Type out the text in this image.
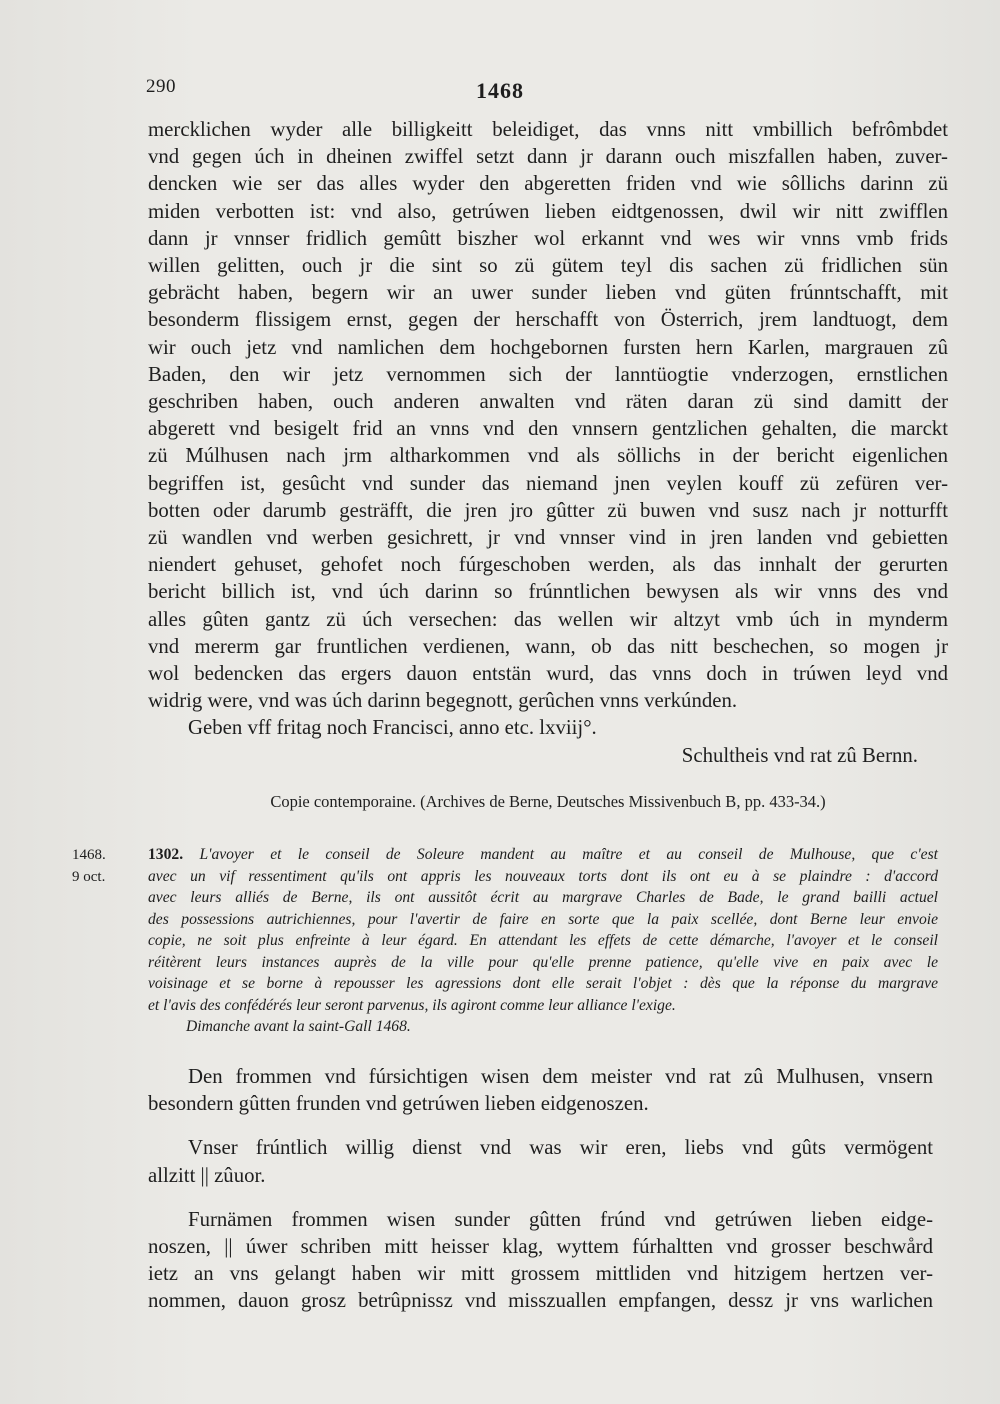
290	1468
mercklichen wyder alle billigkeitt beleidiget, das vnns nitt vmbillich befrômbdet
vnd gegen úch in dheinen zwiffel setzt dann jr darann ouch miszfallen haben, zuver-
dencken wie ser das alles wyder den abgeretten friden vnd wie sôllichs darinn zü
miden verbotten ist: vnd also, getrúwen lieben eidtgenossen, dwil wir nitt zwifflen
dann jr vnnser fridlich gemûtt biszher wol erkannt vnd wes wir vnns vmb frids
willen gelitten, ouch jr die sint so zü gütem teyl dis sachen zü fridlichen sün
gebrächt haben, begern wir an uwer sunder lieben vnd güten frúnntschafft, mit
besonderm flissigem ernst, gegen der herschafft von Österrich, jrem landtuogt, dem
wir ouch jetz vnd namlichen dem hochgebornen fursten hern Karlen, margrauen zû
Baden, den wir jetz vernommen sich der lanntüogtie vnderzogen, ernstlichen
geschriben haben, ouch anderen anwalten vnd räten daran zü sind damitt der
abgerett vnd besigelt frid an vnns vnd den vnnsern gentzlichen gehalten, die marckt
zü Múlhusen nach jrm altharkommen vnd als söllichs in der bericht eigenlichen
begriffen ist, gesûcht vnd sunder das niemand jnen veylen kouff zü zefüren ver-
botten oder darumb gesträfft, die jren jro gûtter zü buwen vnd susz nach jr notturfft
zü wandlen vnd werben gesichrett, jr vnd vnnser vind in jren landen vnd gebietten
niendert gehuset, gehofet noch fúrgeschoben werden, als das innhalt der gerurten
bericht billich ist, vnd úch darinn so frúnntlichen bewysen als wir vnns des vnd
alles gûten gantz zü úch versechen: das wellen wir altzyt vmb úch in mynderm
vnd mererm gar fruntlichen verdienen, wann, ob das nitt beschechen, so mogen jr
wol bedencken das ergers dauon entstän wurd, das vnns doch in trúwen leyd vnd
widrig were, vnd was úch darinn begegnott, gerûchen vnns verkúnden.
Geben vff fritag noch Francisci, anno etc. lxviij°.
Schultheis vnd rat zû Bernn.
Copie contemporaine. (Archives de Berne, Deutsches Missivenbuch B, pp. 433-34.)
1468.
9 oct.
1302. L'avoyer et le conseil de Soleure mandent au maître et au conseil de Mulhouse, que c'est
avec un vif ressentiment qu'ils ont appris les nouveaux torts dont ils ont eu à se plaindre : d'accord
avec leurs alliés de Berne, ils ont aussitôt écrit au margrave Charles de Bade, le grand bailli actuel
des possessions autrichiennes, pour l'avertir de faire en sorte que la paix scellée, dont Berne leur envoie
copie, ne soit plus enfreinte à leur égard. En attendant les effets de cette démarche, l'avoyer et le conseil
réitèrent leurs instances auprès de la ville pour qu'elle prenne patience, qu'elle vive en paix avec le
voisinage et se borne à repousser les agressions dont elle serait l'objet : dès que la réponse du margrave
et l'avis des confédérés leur seront parvenus, ils agiront comme leur alliance l'exige.
Dimanche avant la saint-Gall 1468.
Den frommen vnd fúrsichtigen wisen dem meister vnd rat zû Mulhusen, vnsern
besondern gûtten frunden vnd getrúwen lieben eidgenoszen.
Vnser frúntlich willig dienst vnd was wir eren, liebs vnd gûts vermögent
allzitt || zûuor.
Furnämen frommen wisen sunder gûtten frúnd vnd getrúwen lieben eidge-
noszen, || úwer schriben mitt heisser klag, wyttem fúrhaltten vnd grosser beschwård
ietz an vns gelangt haben wir mitt grossem mittliden vnd hitzigem hertzen ver-
nommen, dauon grosz betrûpnissz vnd misszuallen empfangen, dessz jr vns warlichen
